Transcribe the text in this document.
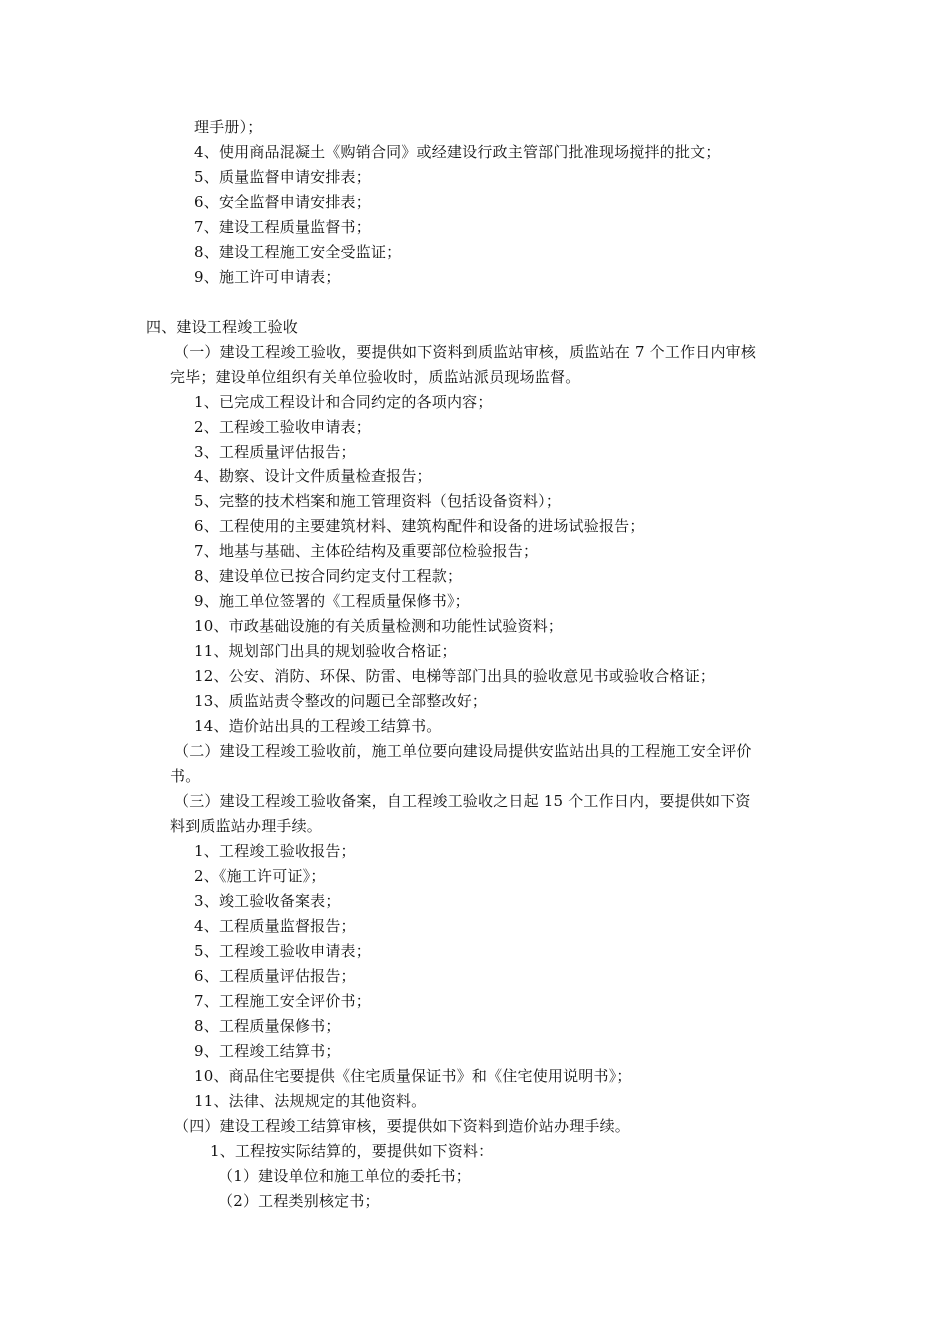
理手册）；
4、使用商品混凝土《购销合同》或经建设行政主管部门批准现场搅拌的批文；
5、质量监督申请安排表；
6、安全监督申请安排表；
7、建设工程质量监督书；
8、建设工程施工安全受监证；
9、施工许可申请表；
四、建设工程竣工验收
（一）建设工程竣工验收，要提供如下资料到质监站审核，质监站在 7 个工作日内审核
完毕；建设单位组织有关单位验收时，质监站派员现场监督。
1、已完成工程设计和合同约定的各项内容；
2、工程竣工验收申请表；
3、工程质量评估报告；
4、勘察、设计文件质量检查报告；
5、完整的技术档案和施工管理资料（包括设备资料）；
6、工程使用的主要建筑材料、建筑构配件和设备的进场试验报告；
7、地基与基础、主体砼结构及重要部位检验报告；
8、建设单位已按合同约定支付工程款；
9、施工单位签署的《工程质量保修书》；
10、市政基础设施的有关质量检测和功能性试验资料；
11、规划部门出具的规划验收合格证；
12、公安、消防、环保、防雷、电梯等部门出具的验收意见书或验收合格证；
13、质监站责令整改的问题已全部整改好；
14、造价站出具的工程竣工结算书。
（二）建设工程竣工验收前，施工单位要向建设局提供安监站出具的工程施工安全评价
书。
（三）建设工程竣工验收备案，自工程竣工验收之日起 15 个工作日内，要提供如下资
料到质监站办理手续。
1、工程竣工验收报告；
2、《施工许可证》；
3、竣工验收备案表；
4、工程质量监督报告；
5、工程竣工验收申请表；
6、工程质量评估报告；
7、工程施工安全评价书；
8、工程质量保修书；
9、工程竣工结算书；
10、商品住宅要提供《住宅质量保证书》和《住宅使用说明书》；
11、法律、法规规定的其他资料。
（四）建设工程竣工结算审核，要提供如下资料到造价站办理手续。
1、工程按实际结算的，要提供如下资料：
（1）建设单位和施工单位的委托书；
（2）工程类别核定书；
